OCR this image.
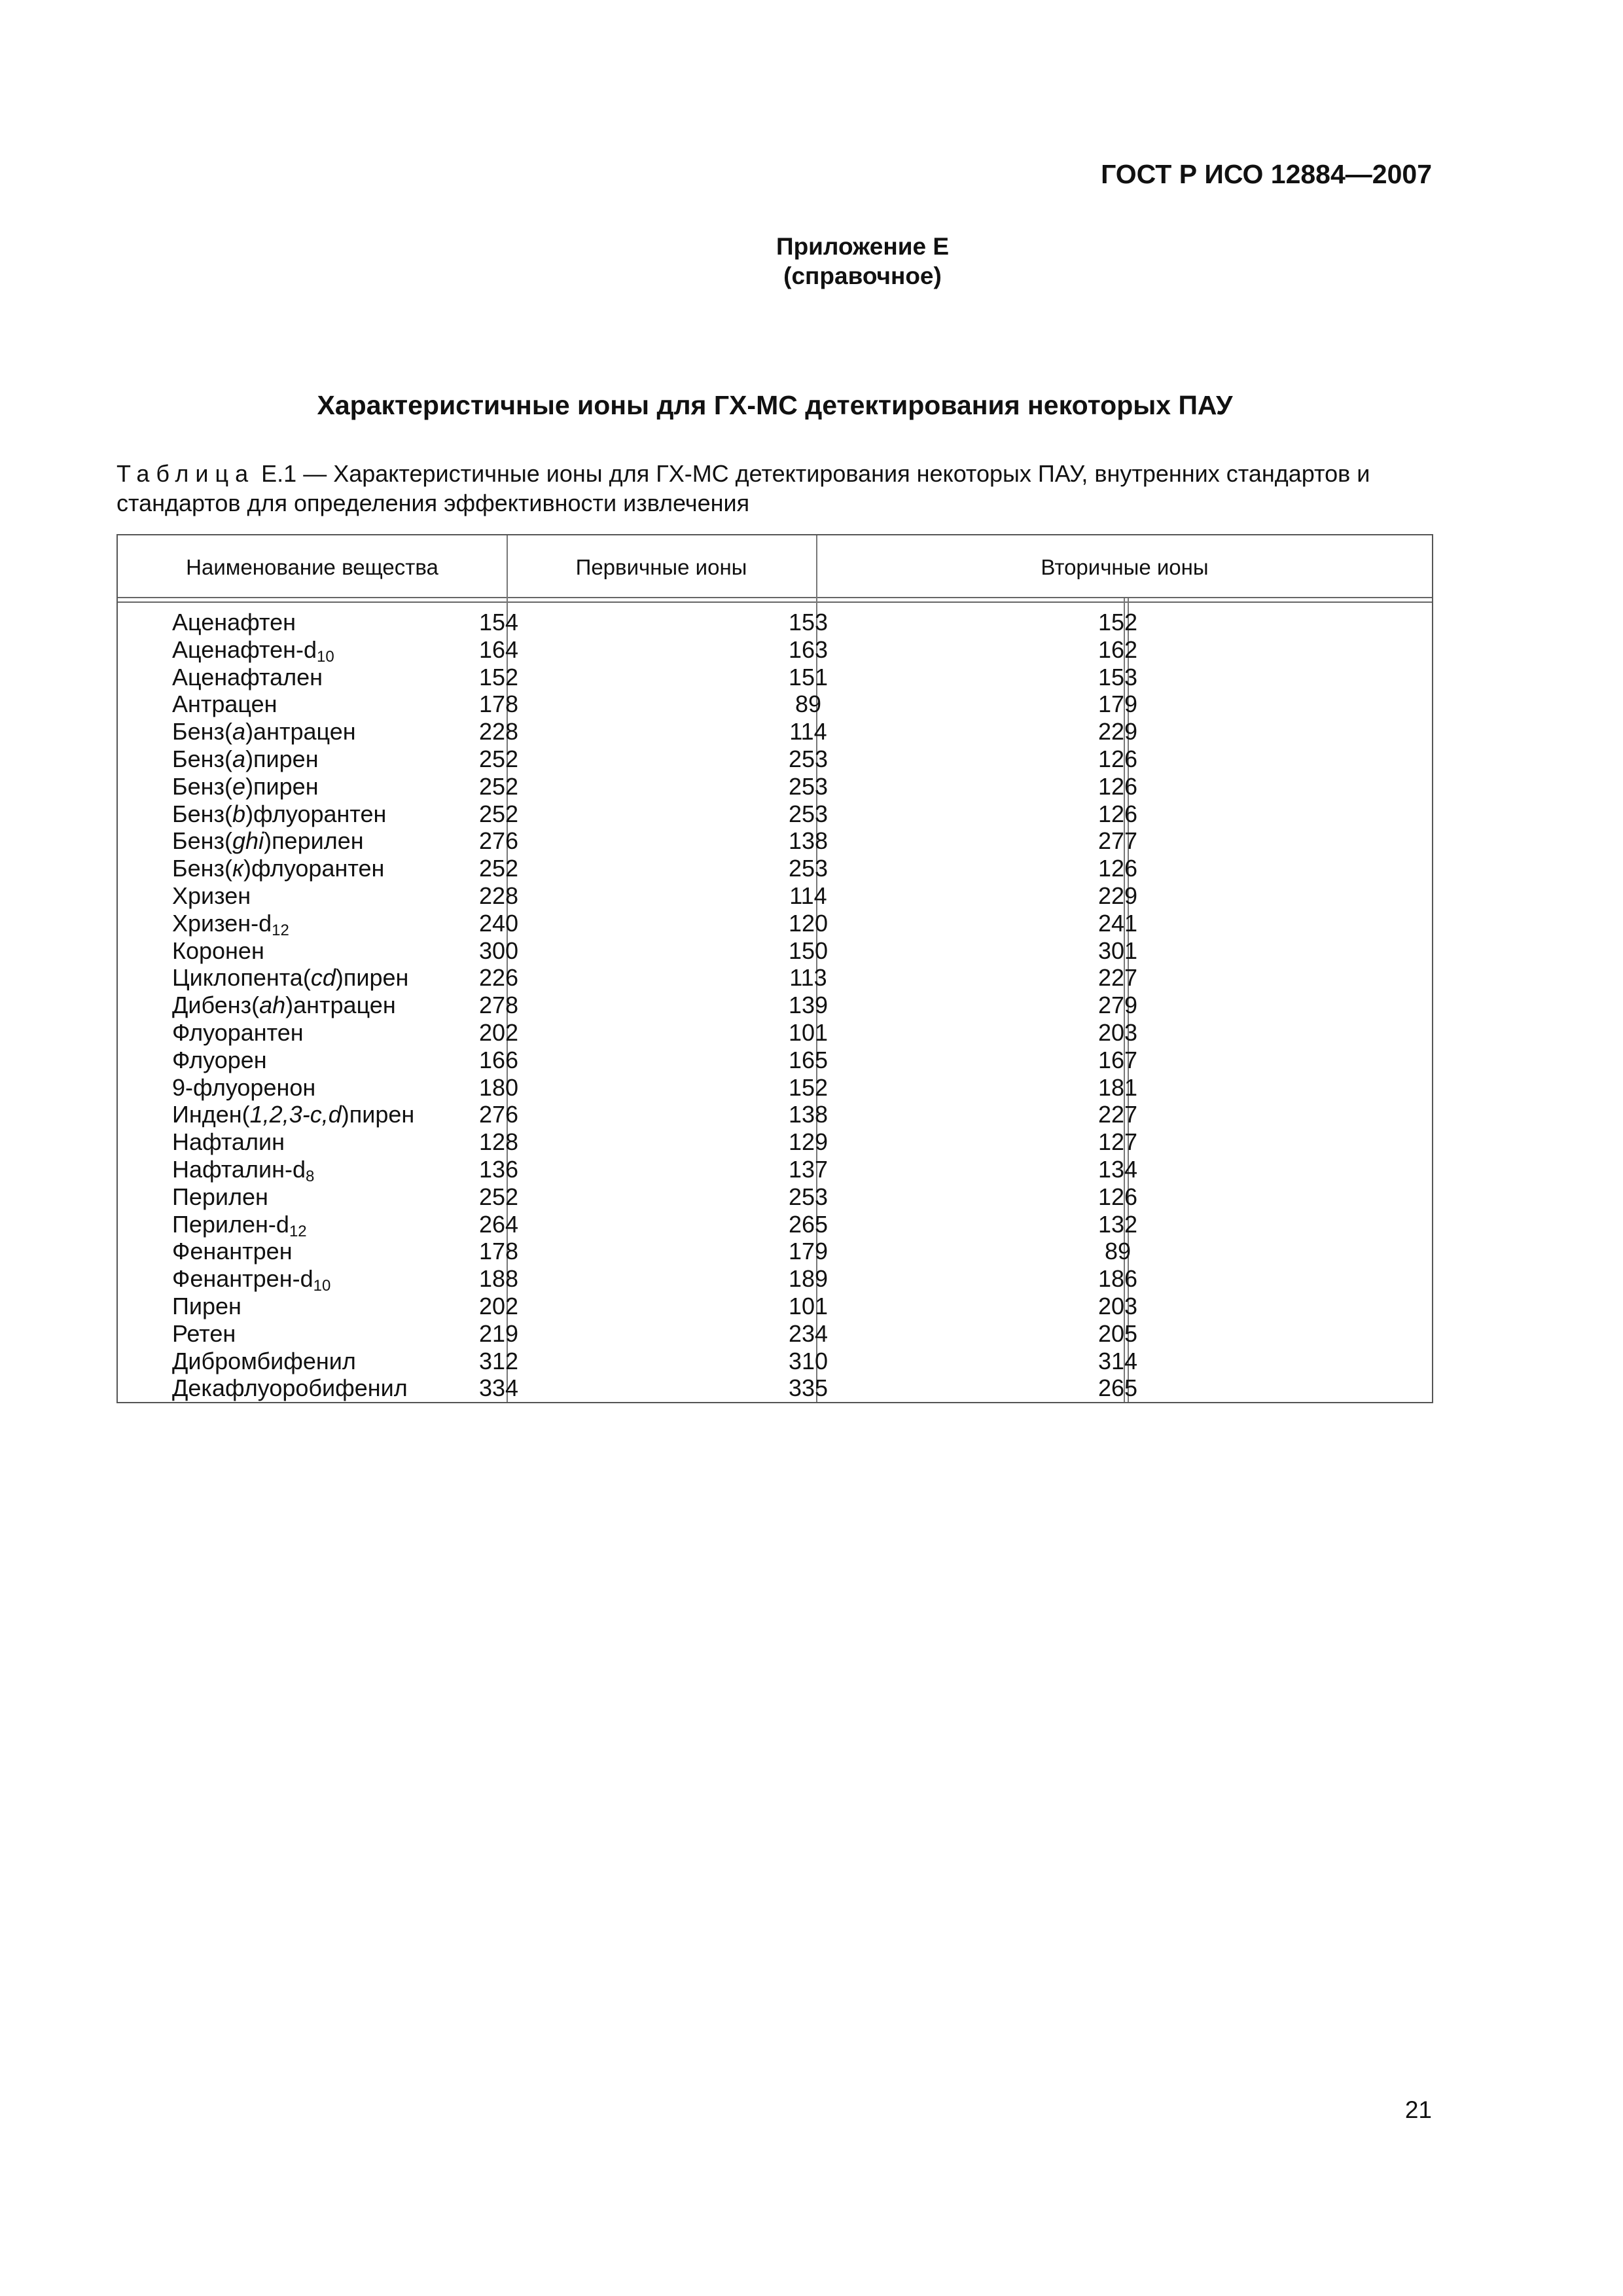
ГОСТ Р ИСО 12884—2007
Приложение Е
(справочное)
Характеристичные ионы для ГХ-МС детектирования некоторых ПАУ
Таблица Е.1 — Характеристичные ионы для ГХ-МС детектирования некоторых ПАУ, внутренних стандартов и стандартов для определения эффективности извлечения
Наименование вещества	Первичные ионы	Вторичные ионы
Аценафтен	154	153	152
Аценафтен-$d_{10}$	164	163	162
Аценафтален	152	151	153
Антрацен	178	89	179
Бенз(a)антрацен	228	114	229
Бенз(a)пирен	252	253	126
Бенз(e)пирен	252	253	126
Бенз(b)флуорантен	252	253	126
Бенз(ghi)перилен	276	138	277
Бенз(к)флуорантен	252	253	126
Хризен	228	114	229
Хризен-$d_{12}$	240	120	241
Коронен	300	150	301
Циклопента(cd)пирен	226	113	227
Дибенз(ah)антрацен	278	139	279
Флуорантен	202	101	203
Флуорен	166	165	167
9-флуоренон	180	152	181
Инден(1,2,3-c,d)пирен	276	138	227
Нафталин	128	129	127
Нафталин-$d_8$	136	137	134
Перилен	252	253	126
Перилен-$d_{12}$	264	265	132
Фенантрен	178	179	89
Фенантрен-$d_{10}$	188	189	186
Пирен	202	101	203
Ретен	219	234	205
Дибромбифенил	312	310	314
Декафлуоробифенил	334	335	265
21
